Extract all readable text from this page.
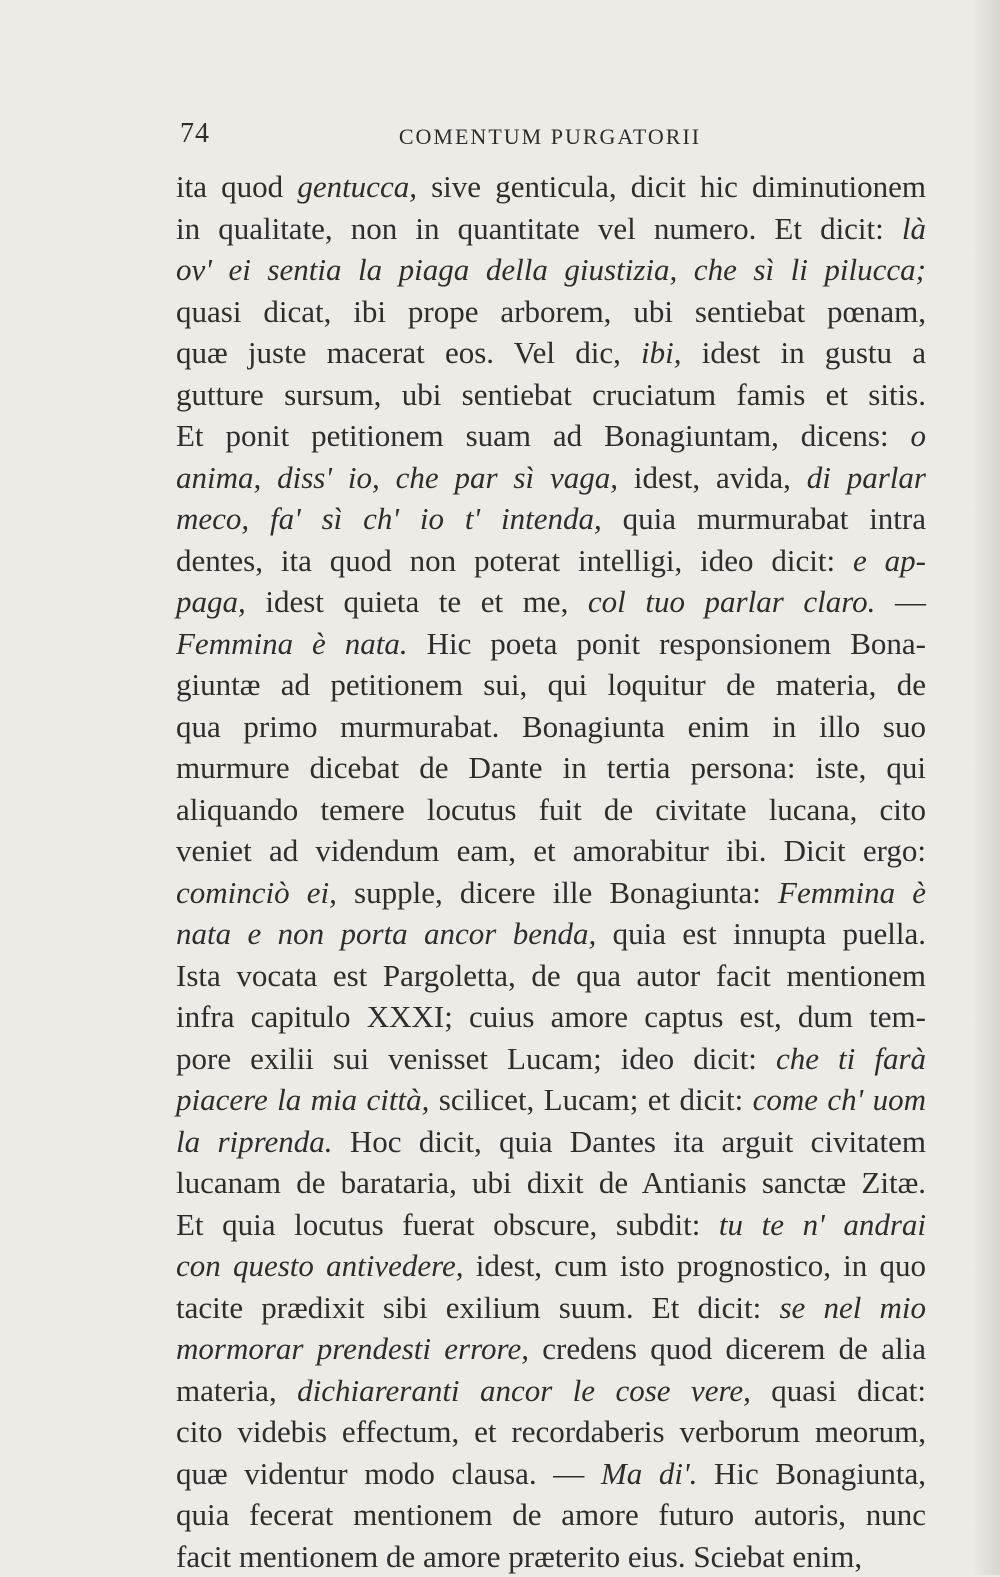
74	COMENTUM PURGATORII
ita quod gentucca, sive genticula, dicit hic diminutionem
in qualitate, non in quantitate vel numero. Et dicit: là
ov' ei sentia la piaga della giustizia, che sì li pilucca;
quasi dicat, ibi prope arborem, ubi sentiebat pœnam,
quæ juste macerat eos. Vel dic, ibi, idest in gustu a
gutture sursum, ubi sentiebat cruciatum famis et sitis.
Et ponit petitionem suam ad Bonagiuntam, dicens: o
anima, diss' io, che par sì vaga, idest, avida, di parlar
meco, fa' sì ch' io t' intenda, quia murmurabat intra
dentes, ita quod non poterat intelligi, ideo dicit: e ap-
paga, idest quieta te et me, col tuo parlar claro. —
Femmina è nata. Hic poeta ponit responsionem Bona-
giuntæ ad petitionem sui, qui loquitur de materia, de
qua primo murmurabat. Bonagiunta enim in illo suo
murmure dicebat de Dante in tertia persona: iste, qui
aliquando temere locutus fuit de civitate lucana, cito
veniet ad videndum eam, et amorabitur ibi. Dicit ergo:
cominciò ei, supple, dicere ille Bonagiunta: Femmina è
nata e non porta ancor benda, quia est innupta puella.
Ista vocata est Pargoletta, de qua autor facit mentionem
infra capitulo XXXI; cuius amore captus est, dum tem-
pore exilii sui venisset Lucam; ideo dicit: che ti farà
piacere la mia città, scilicet, Lucam; et dicit: come ch' uom
la riprenda. Hoc dicit, quia Dantes ita arguit civitatem
lucanam de barataria, ubi dixit de Antianis sanctæ Zitæ.
Et quia locutus fuerat obscure, subdit: tu te n' andrai
con questo antivedere, idest, cum isto prognostico, in quo
tacite prædixit sibi exilium suum. Et dicit: se nel mio
mormorar prendesti errore, credens quod dicerem de alia
materia, dichiareranti ancor le cose vere, quasi dicat:
cito videbis effectum, et recordaberis verborum meorum,
quæ videntur modo clausa. — Ma di'. Hic Bonagiunta,
quia fecerat mentionem de amore futuro autoris, nunc
facit mentionem de amore præterito eius. Sciebat enim,
